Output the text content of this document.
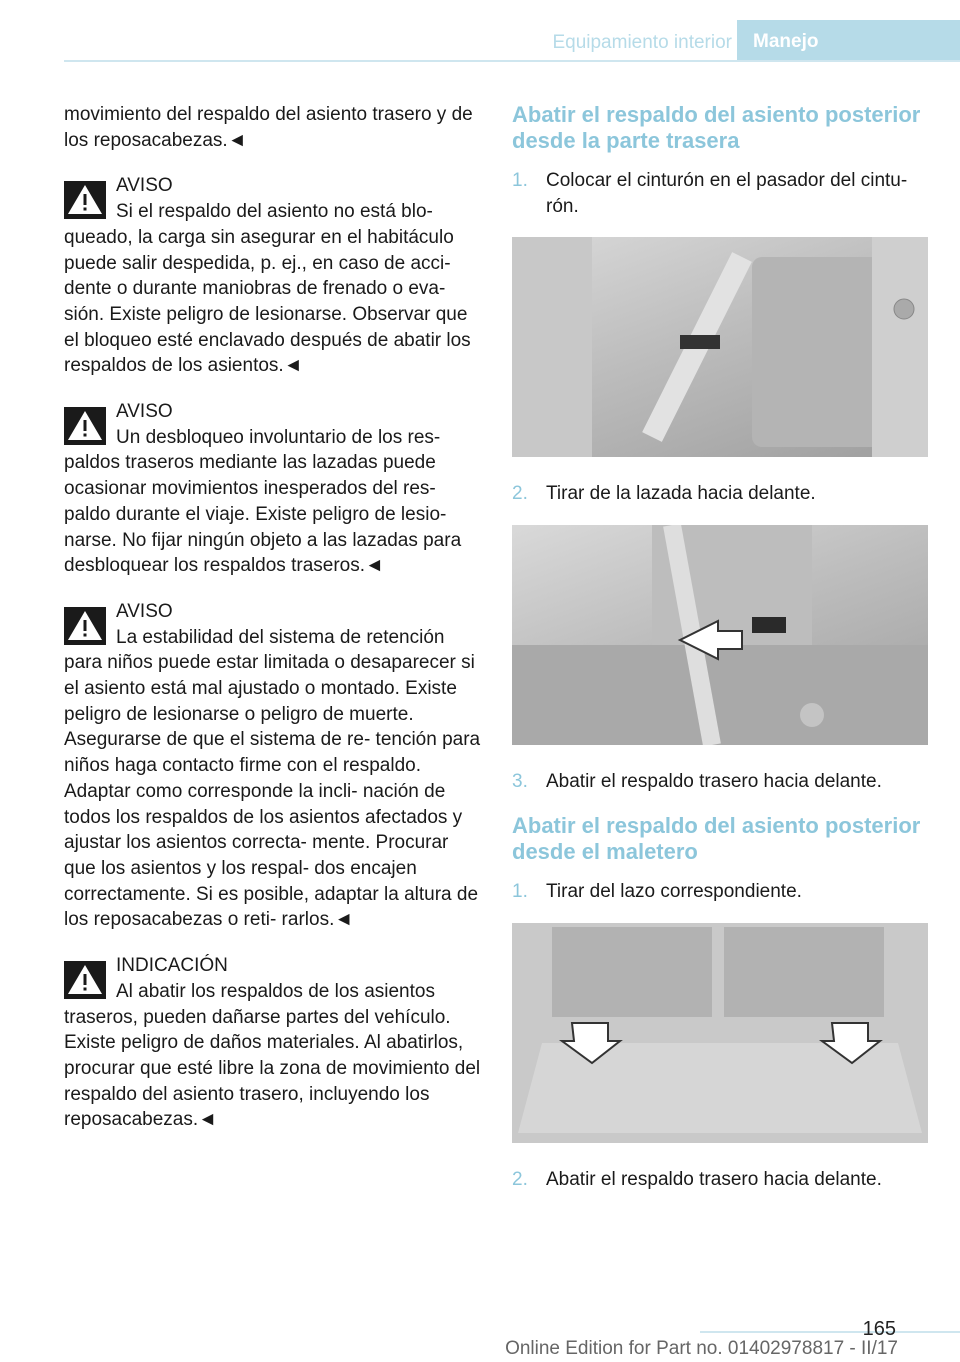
Equipamiento interior	Manejo

movimiento del respaldo del asiento trasero y de los reposacabezas.◄

AVISO
Si el respaldo del asiento no está blo-
queado, la carga sin asegurar en el habitáculo puede salir despedida, p. ej., en caso de acci- dente o durante maniobras de frenado o eva- sión. Existe peligro de lesionarse. Observar que el bloqueo esté enclavado después de abatir los respaldos de los asientos.◄
AVISO
Un desbloqueo involuntario de los res-
paldos traseros mediante las lazadas puede ocasionar movimientos inesperados del res- paldo durante el viaje. Existe peligro de lesio- narse. No fijar ningún objeto a las lazadas para desbloquear los respaldos traseros.◄
AVISO
La estabilidad del sistema de retención
para niños puede estar limitada o desaparecer si el asiento está mal ajustado o montado. Existe peligro de lesionarse o peligro de muerte. Asegurarse de que el sistema de re- tención para niños haga contacto firme con el respaldo. Adaptar como corresponde la incli- nación de todos los respaldos de los asientos afectados y ajustar los asientos correcta- mente. Procurar que los asientos y los respal- dos encajen correctamente. Si es posible, adaptar la altura de los reposacabezas o reti- rarlos.◄
INDICACIÓN
Al abatir los respaldos de los asientos
traseros, pueden dañarse partes del vehículo. Existe peligro de daños materiales. Al abatirlos, procurar que esté libre la zona de movimiento del respaldo del asiento trasero, incluyendo los reposacabezas.◄
Abatir el respaldo del asiento posterior desde la parte trasera
1. Colocar el cinturón en el pasador del cintu- rón.
2. Tirar de la lazada hacia delante.
3. Abatir el respaldo trasero hacia delante.
Abatir el respaldo del asiento posterior desde el maletero
1. Tirar del lazo correspondiente.
2. Abatir el respaldo trasero hacia delante.
165
Online Edition for Part no. 01402978817 - II/17
